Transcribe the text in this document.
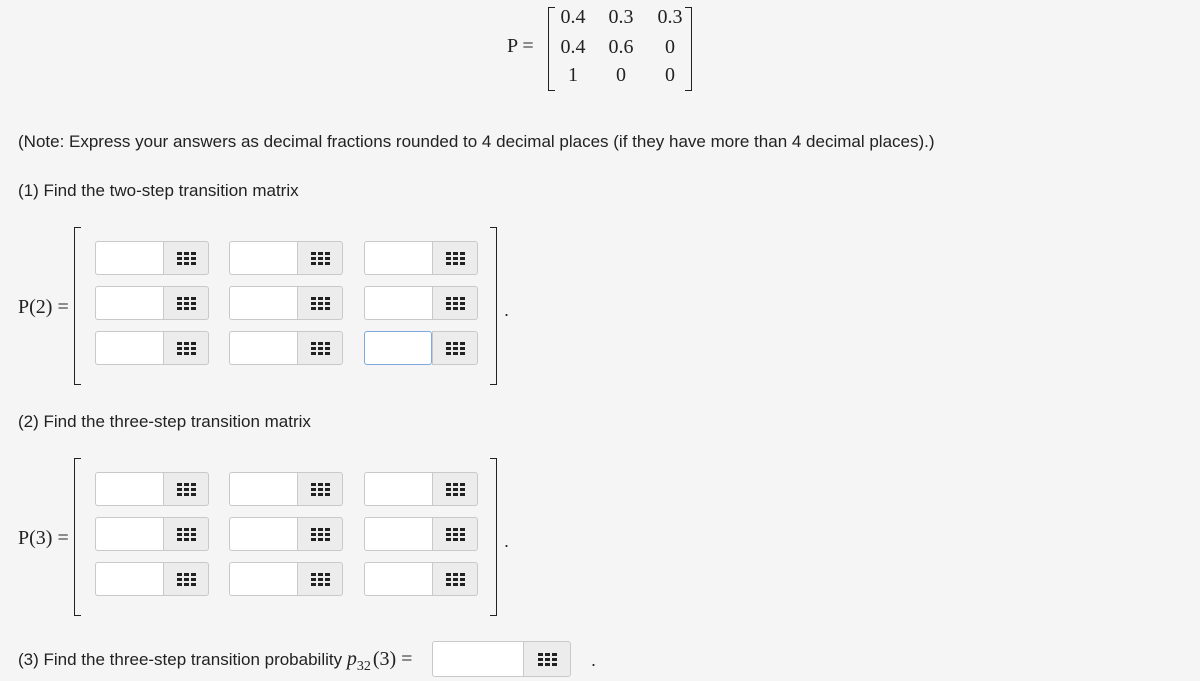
P =
0.4	0.3	0.3
0.4	0.6	0
1	0	0
(Note: Express your answers as decimal fractions rounded to 4 decimal places (if they have more than 4 decimal places).)
(1) Find the two-step transition matrix
P(2) =	.
(2) Find the three-step transition matrix
P(3) =	.
(3) Find the three-step transition probability $p_{32}$ (3) =	.
